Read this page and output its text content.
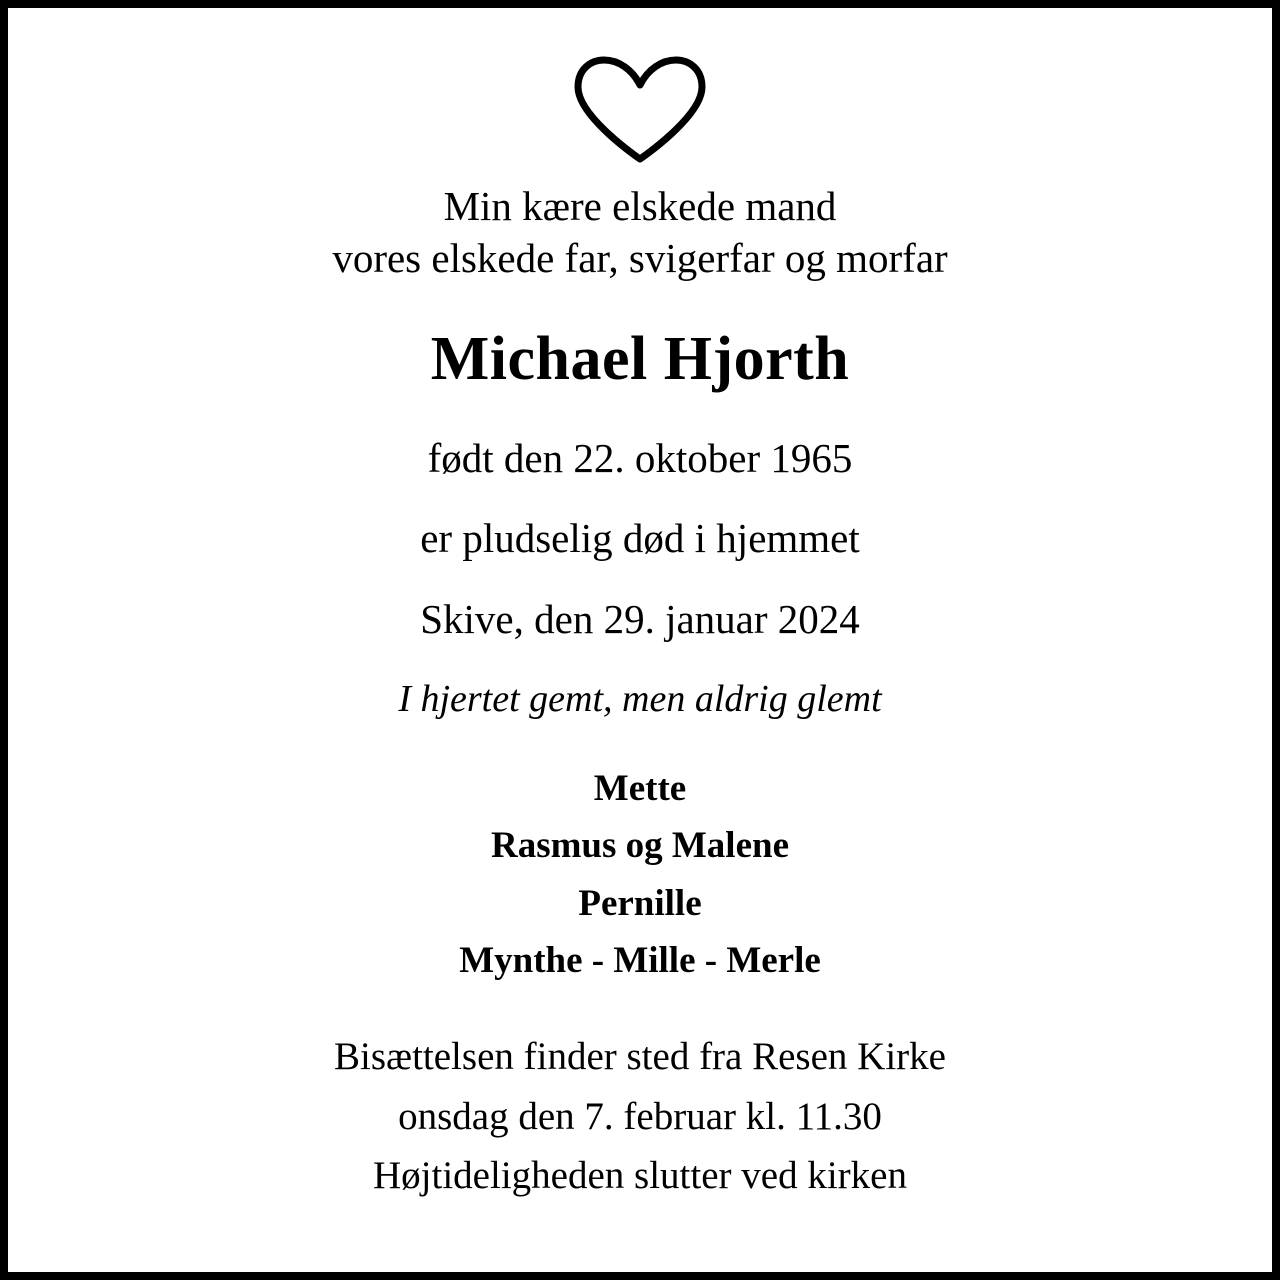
Min kære elskede mand
vores elskede far, svigerfar og morfar
Michael Hjorth
født den 22. oktober 1965
er pludselig død i hjemmet
Skive, den 29. januar 2024
I hjertet gemt, men aldrig glemt
Mette
Rasmus og Malene
Pernille
Mynthe - Mille - Merle
Bisættelsen finder sted fra Resen Kirke
onsdag den 7. februar kl. 11.30
Højtideligheden slutter ved kirken
